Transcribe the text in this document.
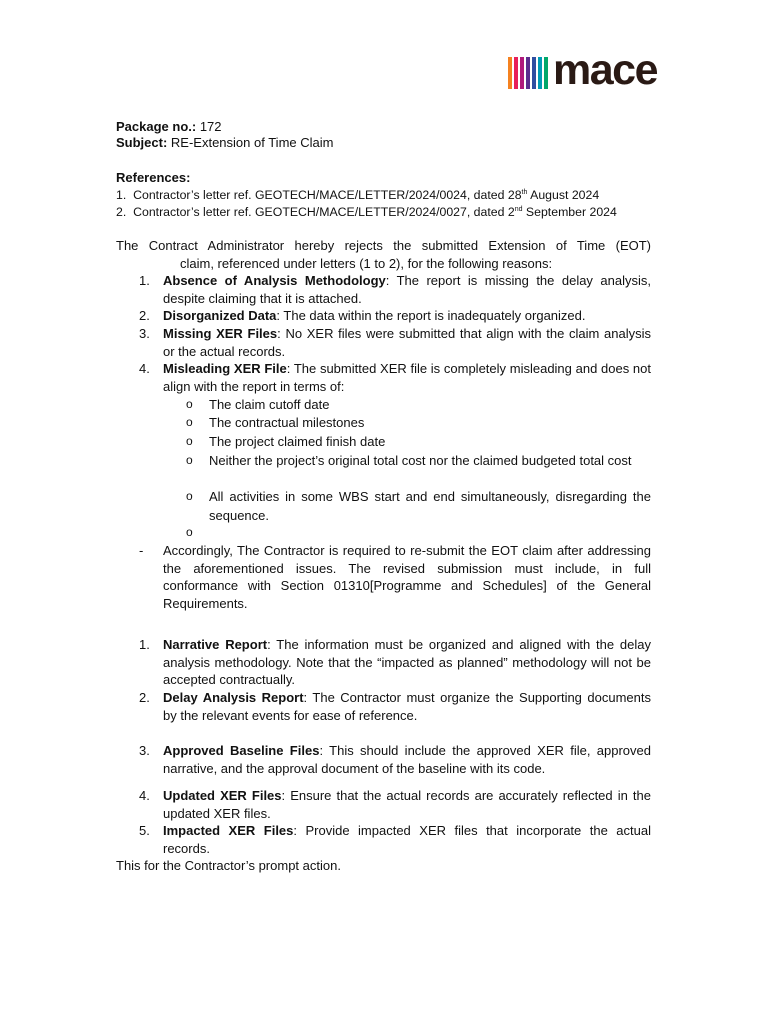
mace
Package no.: 172
Subject: RE-Extension of Time Claim
References:
1. Contractor’s letter ref. GEOTECH/MACE/LETTER/2024/0024, dated 28th August 2024
2. Contractor’s letter ref. GEOTECH/MACE/LETTER/2024/0027, dated 2nd September 2024
The Contract Administrator hereby rejects the submitted Extension of Time (EOT)
claim, referenced under letters (1 to 2), for the following reasons:
1. Absence of Analysis Methodology: The report is missing the delay analysis, despite claiming that it is attached.
2. Disorganized Data: The data within the report is inadequately organized.
3. Missing XER Files: No XER files were submitted that align with the claim analysis or the actual records.
4. Misleading XER File: The submitted XER file is completely misleading and does not align with the report in terms of:
o The claim cutoff date
o The contractual milestones
o The project claimed finish date
o Neither the project’s original total cost nor the claimed budgeted total cost
o All activities in some WBS start and end simultaneously, disregarding the sequence.
o
- Accordingly, The Contractor is required to re-submit the EOT claim after addressing the aforementioned issues. The revised submission must include, in full conformance with Section 01310[Programme and Schedules] of the General Requirements.
1. Narrative Report: The information must be organized and aligned with the delay analysis methodology. Note that the “impacted as planned” methodology will not be accepted contractually.
2. Delay Analysis Report: The Contractor must organize the Supporting documents by the relevant events for ease of reference.
3. Approved Baseline Files: This should include the approved XER file, approved narrative, and the approval document of the baseline with its code.
4. Updated XER Files: Ensure that the actual records are accurately reflected in the updated XER files.
5. Impacted XER Files: Provide impacted XER files that incorporate the actual records.
This for the Contractor’s prompt action.
